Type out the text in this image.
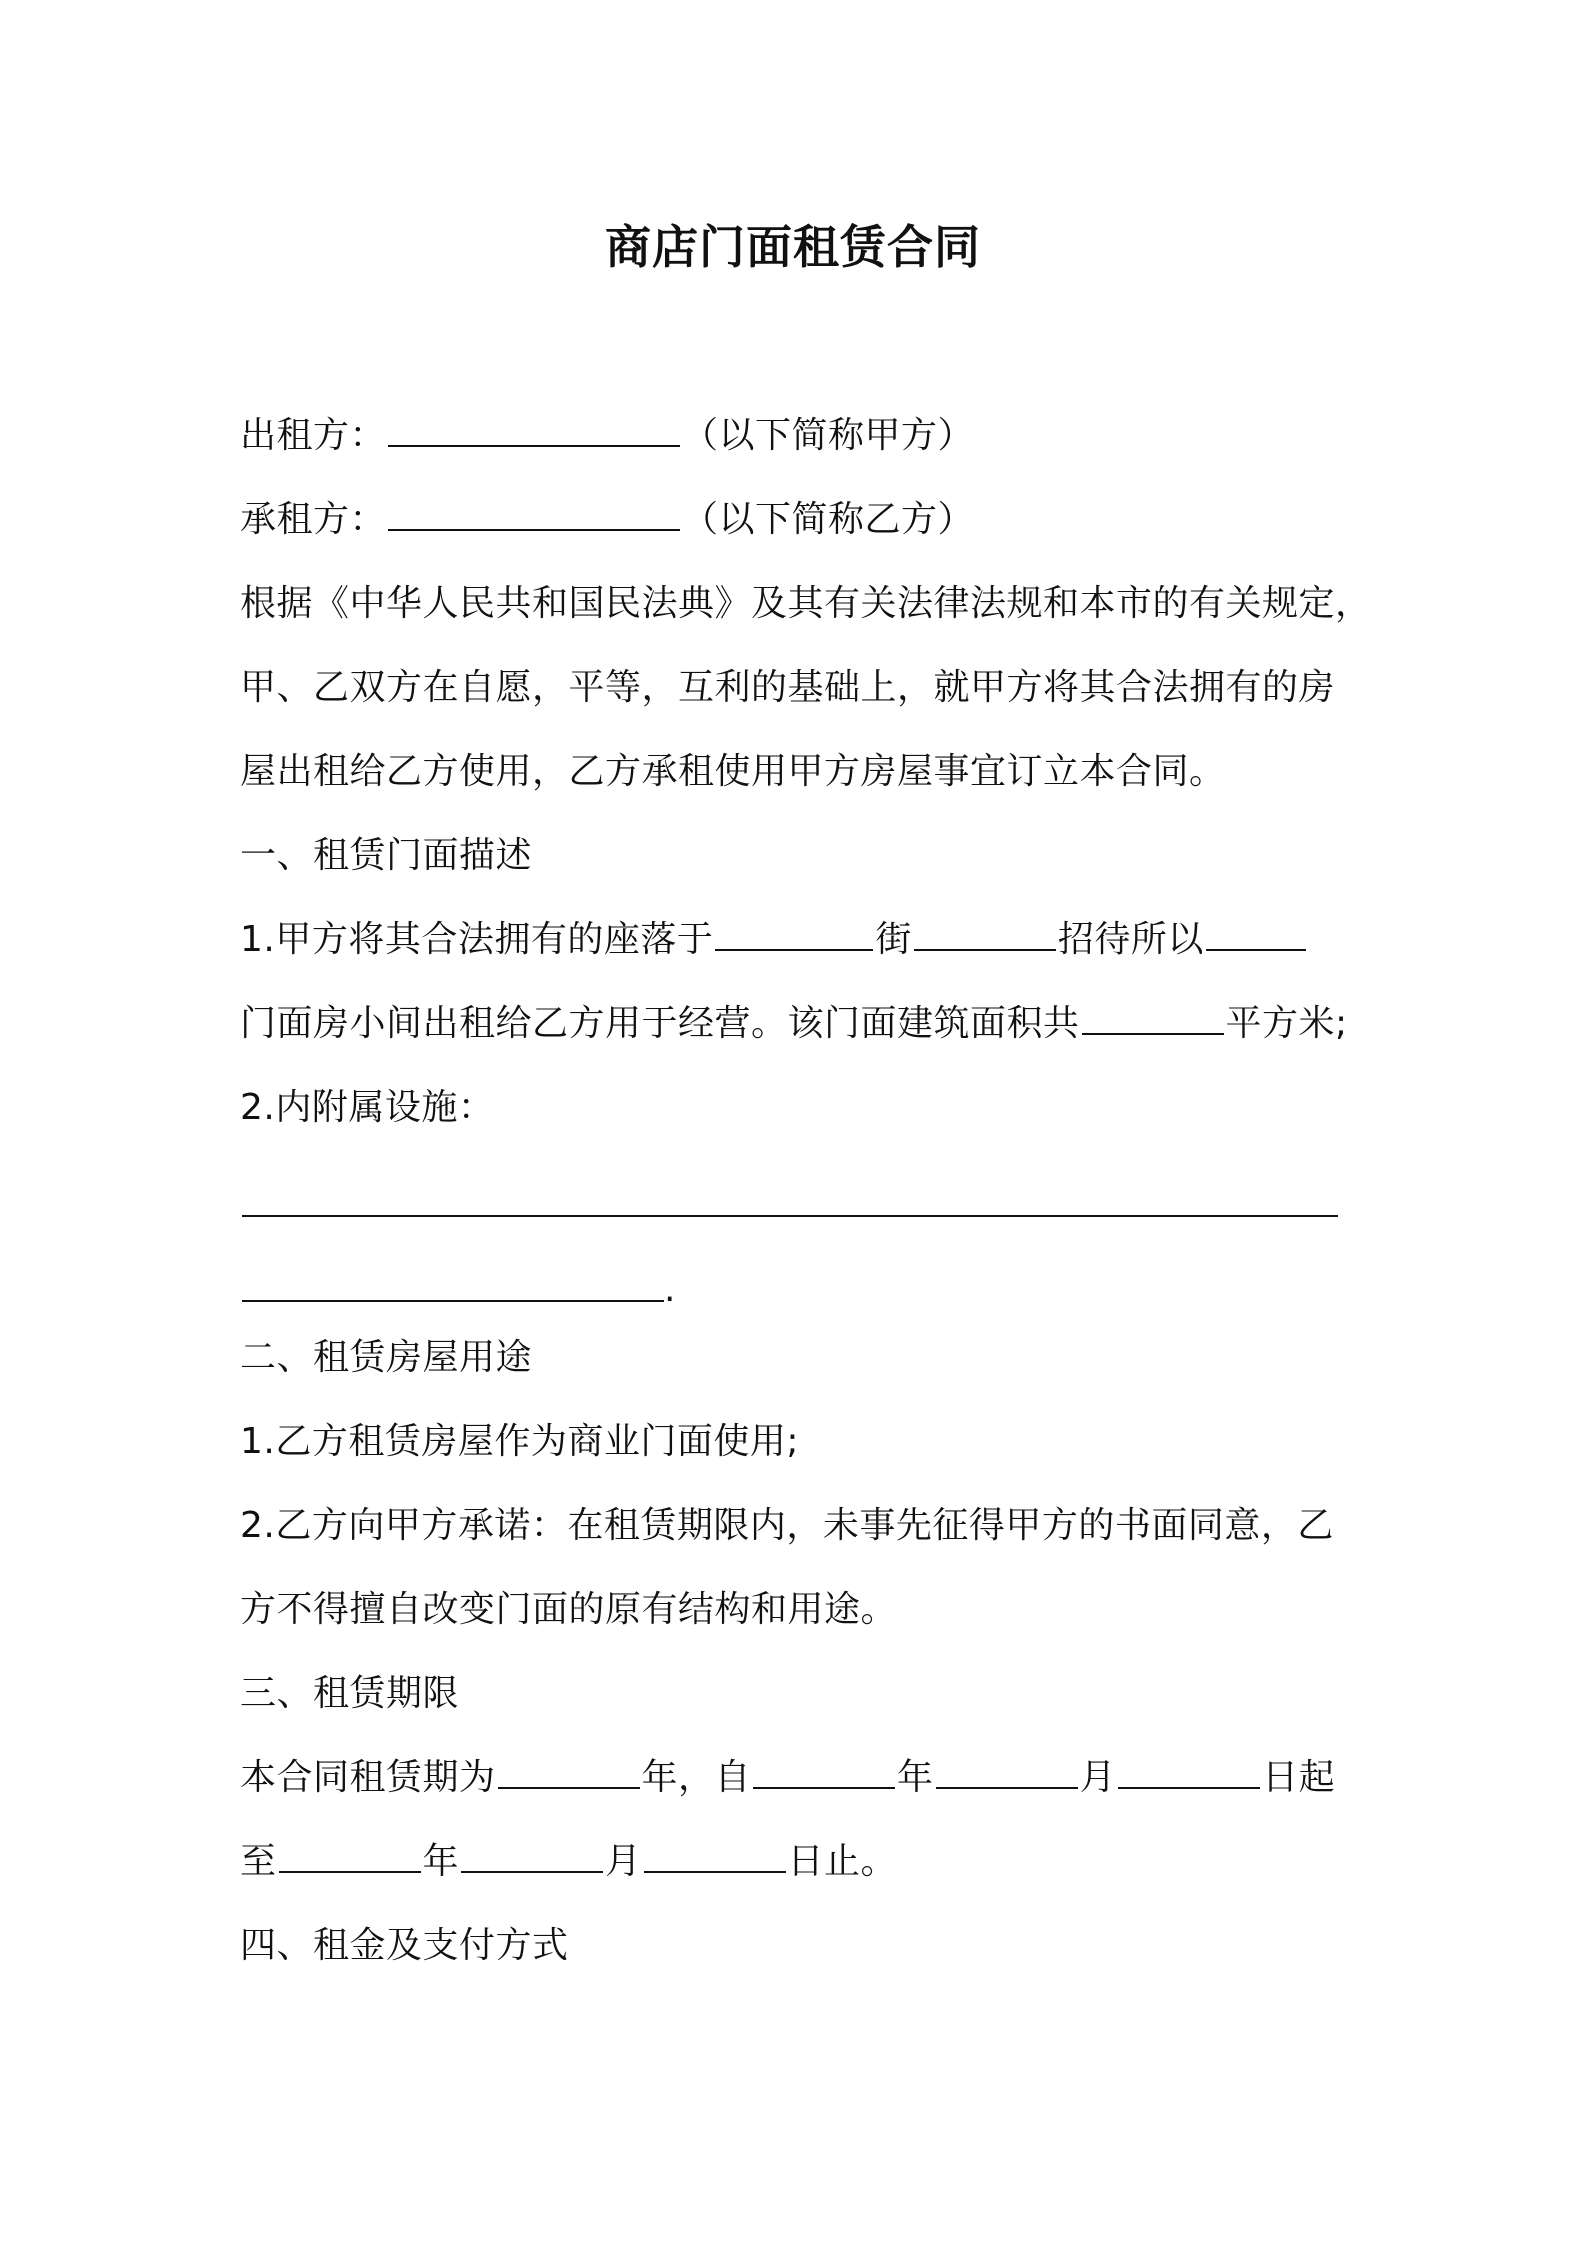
商店门面租赁合同
出租方：	（以下简称甲方）
承租方：	（以下简称乙方）
根据《中华人民共和国民法典》及其有关法律法规和本市的有关规定，
甲、乙双方在自愿，平等，互利的基础上，就甲方将其合法拥有的房
屋出租给乙方使用，乙方承租使用甲方房屋事宜订立本合同。
一、租赁门面描述
1.甲方将其合法拥有的座落于	街	招待所以
门面房小间出租给乙方用于经营。该门面建筑面积共	平方米;
2.内附属设施：
.
二、租赁房屋用途
1.乙方租赁房屋作为商业门面使用;
2.乙方向甲方承诺：在租赁期限内，未事先征得甲方的书面同意，乙
方不得擅自改变门面的原有结构和用途。
三、租赁期限
本合同租赁期为	年，自	年	月	日起
至	年	月	日止。
四、租金及支付方式
